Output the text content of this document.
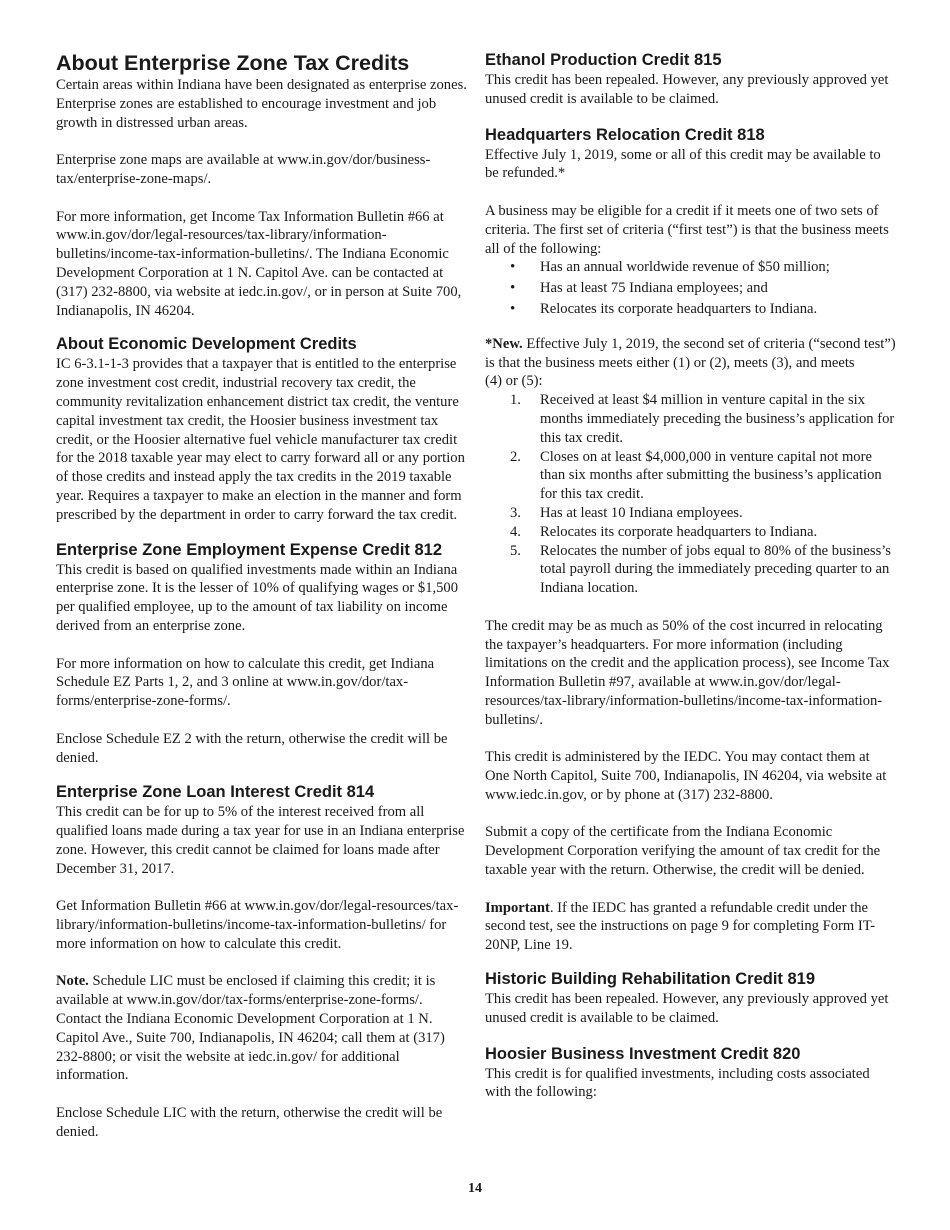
About Enterprise Zone Tax Credits

Certain areas within Indiana have been designated as enterprise zones. Enterprise zones are established to encourage investment and job growth in distressed urban areas.

Enterprise zone maps are available at www.in.gov/dor/business-tax/enterprise-zone-maps/.

For more information, get Income Tax Information Bulletin #66 at www.in.gov/dor/legal-resources/tax-library/information-bulletins/income-tax-information-bulletins/. The Indiana Economic Development Corporation at 1 N. Capitol Ave. can be contacted at (317) 232-8800, via website at iedc.in.gov/, or in person at Suite 700, Indianapolis, IN 46204.

About Economic Development Credits

IC 6-3.1-1-3 provides that a taxpayer that is entitled to the enterprise zone investment cost credit, industrial recovery tax credit, the community revitalization enhancement district tax credit, the venture capital investment tax credit, the Hoosier business investment tax credit, or the Hoosier alternative fuel vehicle manufacturer tax credit for the 2018 taxable year may elect to carry forward all or any portion of those credits and instead apply the tax credits in the 2019 taxable year. Requires a taxpayer to make an election in the manner and form prescribed by the department in order to carry forward the tax credit.

Enterprise Zone Employment Expense Credit 812

This credit is based on qualified investments made within an Indiana enterprise zone. It is the lesser of 10% of qualifying wages or $1,500 per qualified employee, up to the amount of tax liability on income derived from an enterprise zone.

For more information on how to calculate this credit, get Indiana Schedule EZ Parts 1, 2, and 3 online at www.in.gov/dor/tax-forms/enterprise-zone-forms/.

Enclose Schedule EZ 2 with the return, otherwise the credit will be denied.

Enterprise Zone Loan Interest Credit 814

This credit can be for up to 5% of the interest received from all qualified loans made during a tax year for use in an Indiana enterprise zone. However, this credit cannot be claimed for loans made after December 31, 2017.

Get Information Bulletin #66 at www.in.gov/dor/legal-resources/tax-library/information-bulletins/income-tax-information-bulletins/ for more information on how to calculate this credit.

Note. Schedule LIC must be enclosed if claiming this credit; it is available at www.in.gov/dor/tax-forms/enterprise-zone-forms/. Contact the Indiana Economic Development Corporation at 1 N. Capitol Ave., Suite 700, Indianapolis, IN 46204; call them at (317) 232-8800; or visit the website at iedc.in.gov/ for additional information.

Enclose Schedule LIC with the return, otherwise the credit will be denied.

Ethanol Production Credit 815

This credit has been repealed. However, any previously approved yet unused credit is available to be claimed.

Headquarters Relocation Credit 818

Effective July 1, 2019, some or all of this credit may be available to be refunded.*

A business may be eligible for a credit if it meets one of two sets of criteria. The first set of criteria (“first test”) is that the business meets all of the following:

• Has an annual worldwide revenue of $50 million;
• Has at least 75 Indiana employees; and
• Relocates its corporate headquarters to Indiana.
*New. Effective July 1, 2019, the second set of criteria (“second test”) is that the business meets either (1) or (2), meets (3), and meets
(4) or (5):
1. Received at least $4 million in venture capital in the six months immediately preceding the business’s application for this tax credit.
2. Closes on at least $4,000,000 in venture capital not more than six months after submitting the business’s application for this tax credit.
3. Has at least 10 Indiana employees.
4. Relocates its corporate headquarters to Indiana.
5. Relocates the number of jobs equal to 80% of the business’s total payroll during the immediately preceding quarter to an Indiana location.

The credit may be as much as 50% of the cost incurred in relocating the taxpayer’s headquarters. For more information (including limitations on the credit and the application process), see Income Tax Information Bulletin #97, available at www.in.gov/dor/legal-resources/tax-library/information-bulletins/income-tax-information-bulletins/.

This credit is administered by the IEDC. You may contact them at One North Capitol, Suite 700, Indianapolis, IN 46204, via website at www.iedc.in.gov, or by phone at (317) 232-8800.

Submit a copy of the certificate from the Indiana Economic Development Corporation verifying the amount of tax credit for the taxable year with the return. Otherwise, the credit will be denied.

Important. If the IEDC has granted a refundable credit under the second test, see the instructions on page 9 for completing Form IT-20NP, Line 19.

Historic Building Rehabilitation Credit 819

This credit has been repealed. However, any previously approved yet unused credit is available to be claimed.

Hoosier Business Investment Credit 820

This credit is for qualified investments, including costs associated with the following:

14
